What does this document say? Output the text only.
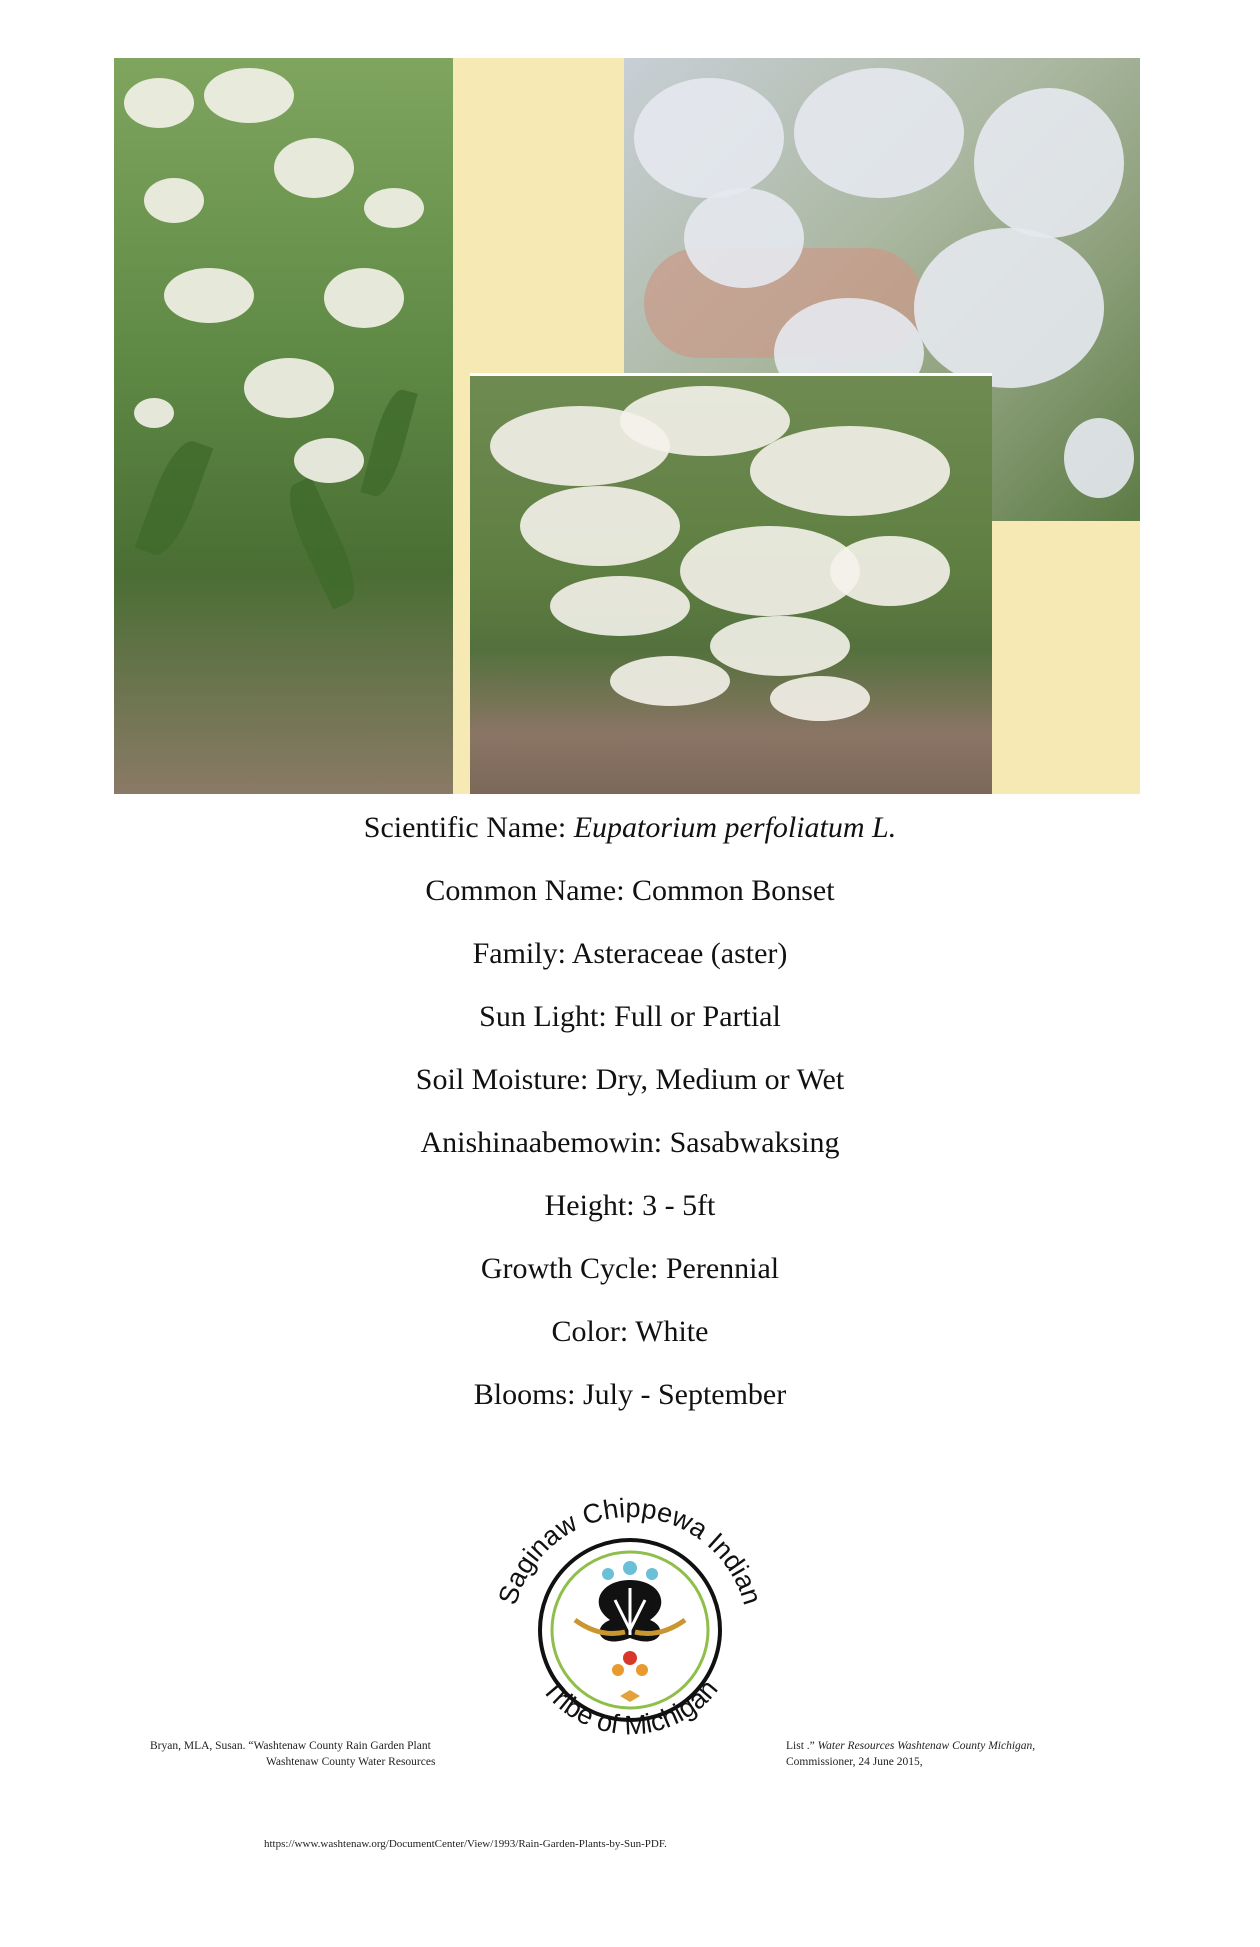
Scientific Name: Eupatorium perfoliatum L.
Common Name: Common Bonset
Family: Asteraceae (aster)
Sun Light: Full or Partial
Soil Moisture: Dry, Medium or Wet
Anishinaabemowin: Sasabwaksing
Height: 3 - 5ft
Growth Cycle: Perennial
Color: White
Blooms: July - September
Saginaw Chippewa Indian
Tribe of Michigan
Bryan, MLA, Susan. “Washtenaw County Rain Garden Plant
Washtenaw County Water Resources
List .” Water Resources Washtenaw County Michigan,
Commissioner, 24 June 2015,
https://www.washtenaw.org/DocumentCenter/View/1993/Rain-Garden-Plants-by-Sun-PDF.
